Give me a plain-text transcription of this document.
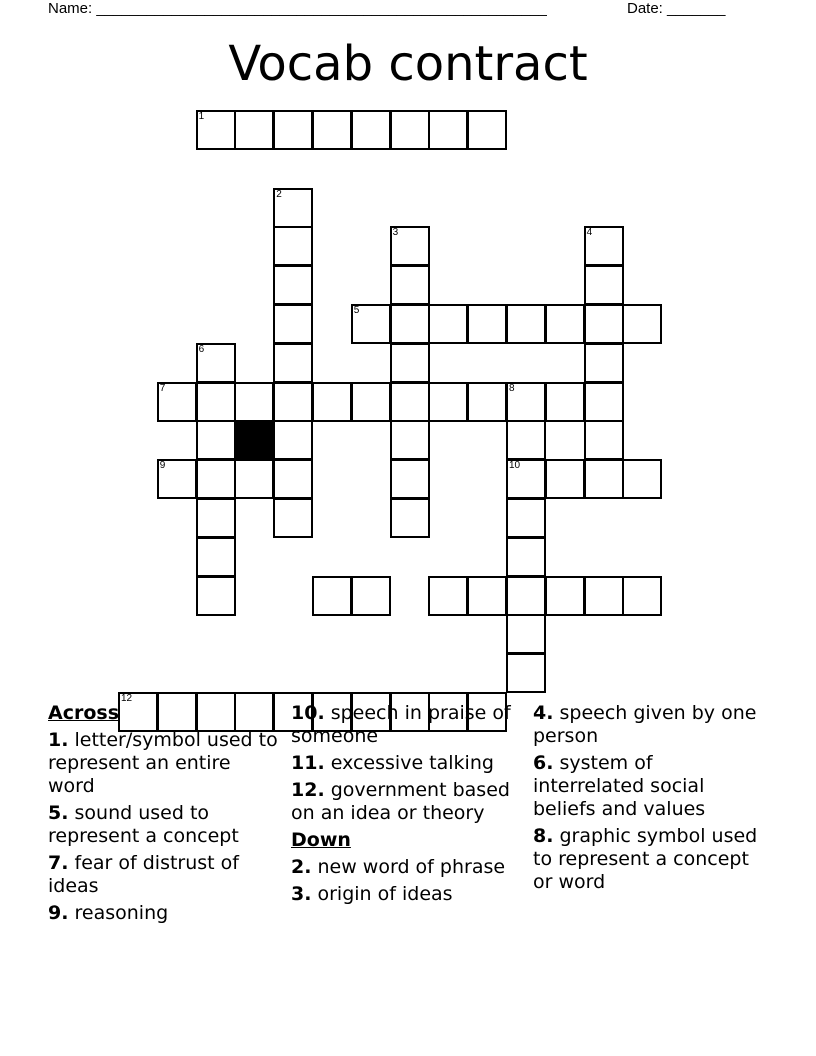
Name: ______________________________________________________	Date: _______
Vocab contract
1
2
3	4
5
6
7	8
10
9
12
Across
1. letter/symbol used to represent an entire word
5. sound used to represent a concept
7. fear of distrust of ideas
9. reasoning
10. speech in praise of someone
11. excessive talking
12. government based on an idea or theory
Down
2. new word of phrase
3. origin of ideas
4. speech given by one person
6. system of interrelated social beliefs and values
8. graphic symbol used to represent a concept or word
